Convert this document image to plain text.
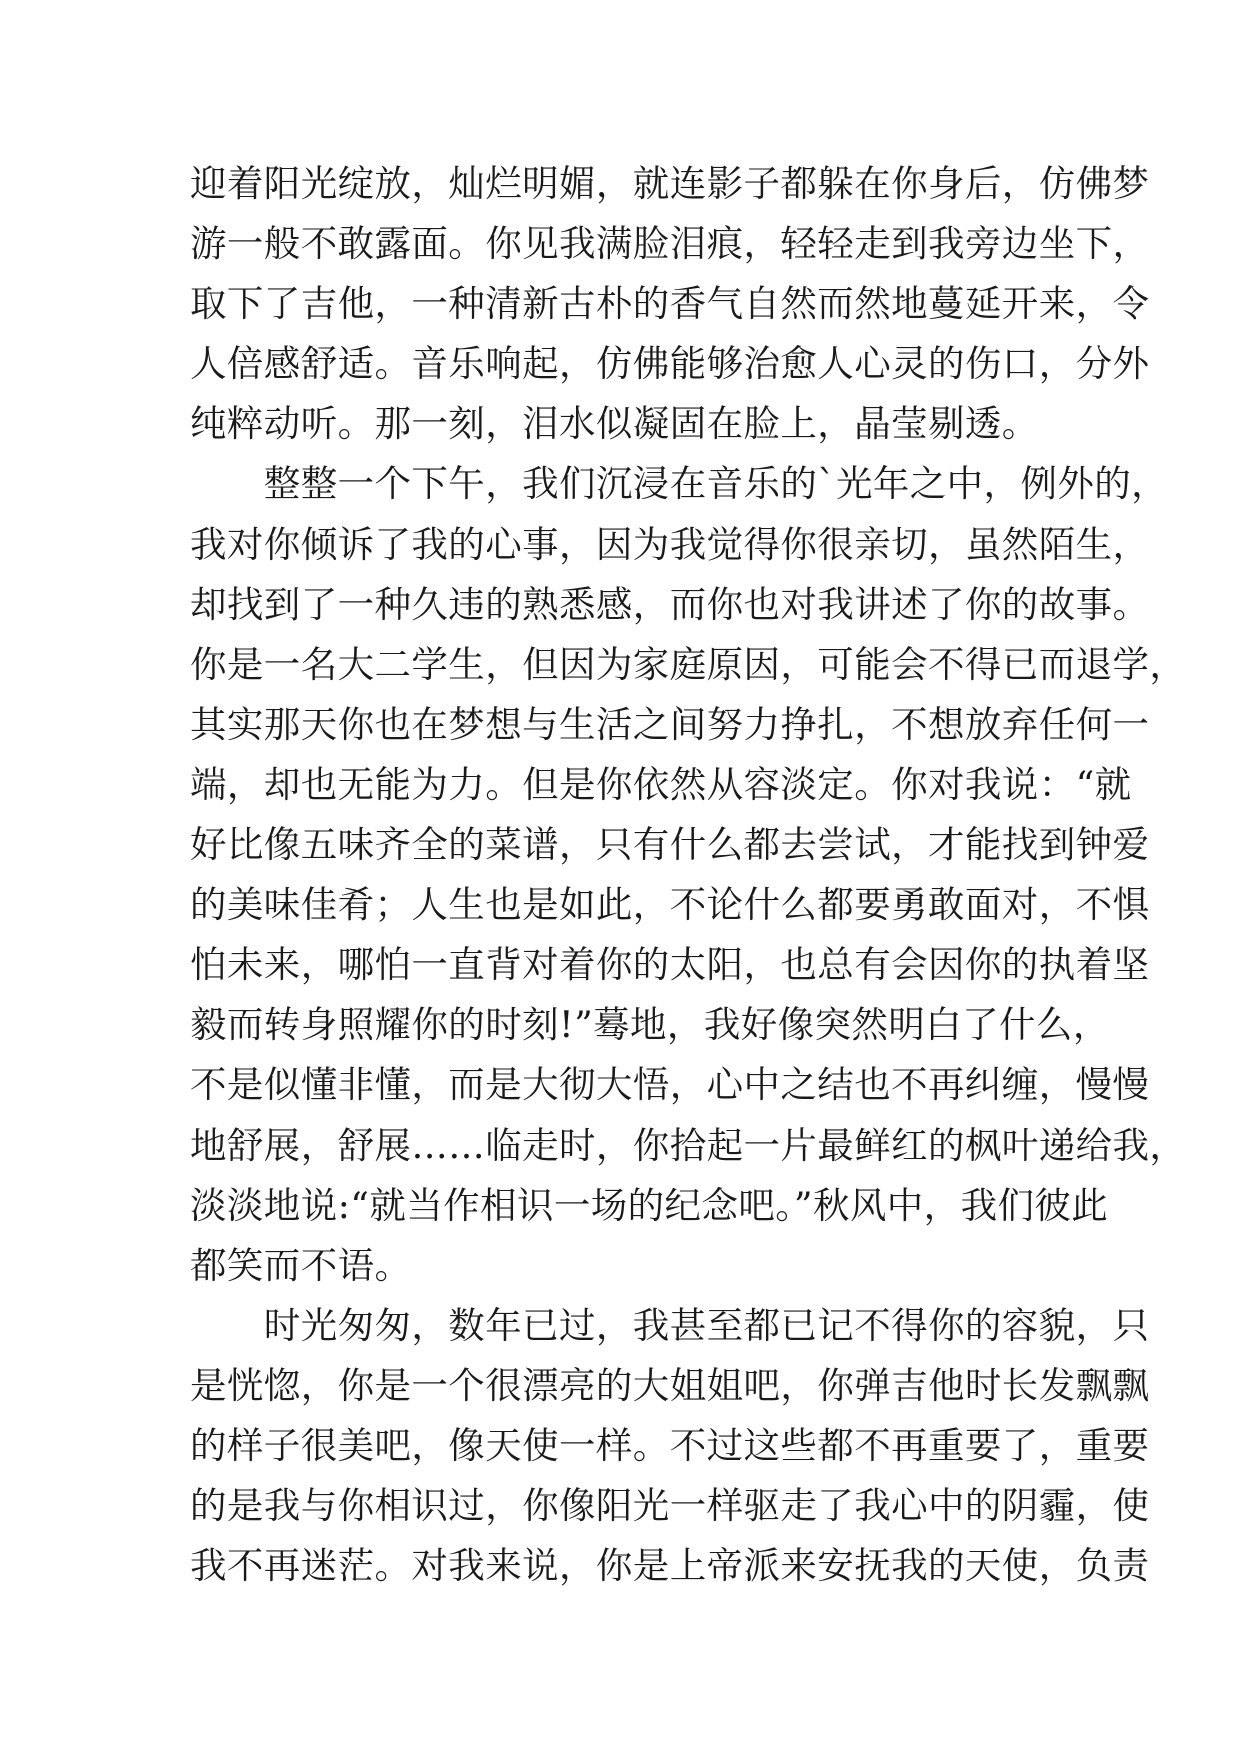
迎着阳光绽放，灿烂明媚，就连影子都躲在你身后，仿佛梦
游一般不敢露面。你见我满脸泪痕，轻轻走到我旁边坐下，
取下了吉他，一种清新古朴的香气自然而然地蔓延开来，令
人倍感舒适。音乐响起，仿佛能够治愈人心灵的伤口，分外
纯粹动听。那一刻，泪水似凝固在脸上，晶莹剔透。
　　整整一个下午，我们沉浸在音乐的`光年之中，例外的，
我对你倾诉了我的心事，因为我觉得你很亲切，虽然陌生，
却找到了一种久违的熟悉感，而你也对我讲述了你的故事。
你是一名大二学生，但因为家庭原因，可能会不得已而退学，
其实那天你也在梦想与生活之间努力挣扎，不想放弃任何一
端，却也无能为力。但是你依然从容淡定。你对我说：“就
好比像五味齐全的菜谱，只有什么都去尝试，才能找到钟爱
的美味佳肴；人生也是如此，不论什么都要勇敢面对，不惧
怕未来，哪怕一直背对着你的太阳，也总有会因你的执着坚
毅而转身照耀你的时刻!”蓦地，我好像突然明白了什么，
不是似懂非懂，而是大彻大悟，心中之结也不再纠缠，慢慢
地舒展，舒展……临走时，你拾起一片最鲜红的枫叶递给我，
淡淡地说:“就当作相识一场的纪念吧。”秋风中，我们彼此
都笑而不语。
　　时光匆匆，数年已过，我甚至都已记不得你的容貌，只
是恍惚，你是一个很漂亮的大姐姐吧，你弹吉他时长发飘飘
的样子很美吧，像天使一样。不过这些都不再重要了，重要
的是我与你相识过，你像阳光一样驱走了我心中的阴霾，使
我不再迷茫。对我来说，你是上帝派来安抚我的天使，负责
